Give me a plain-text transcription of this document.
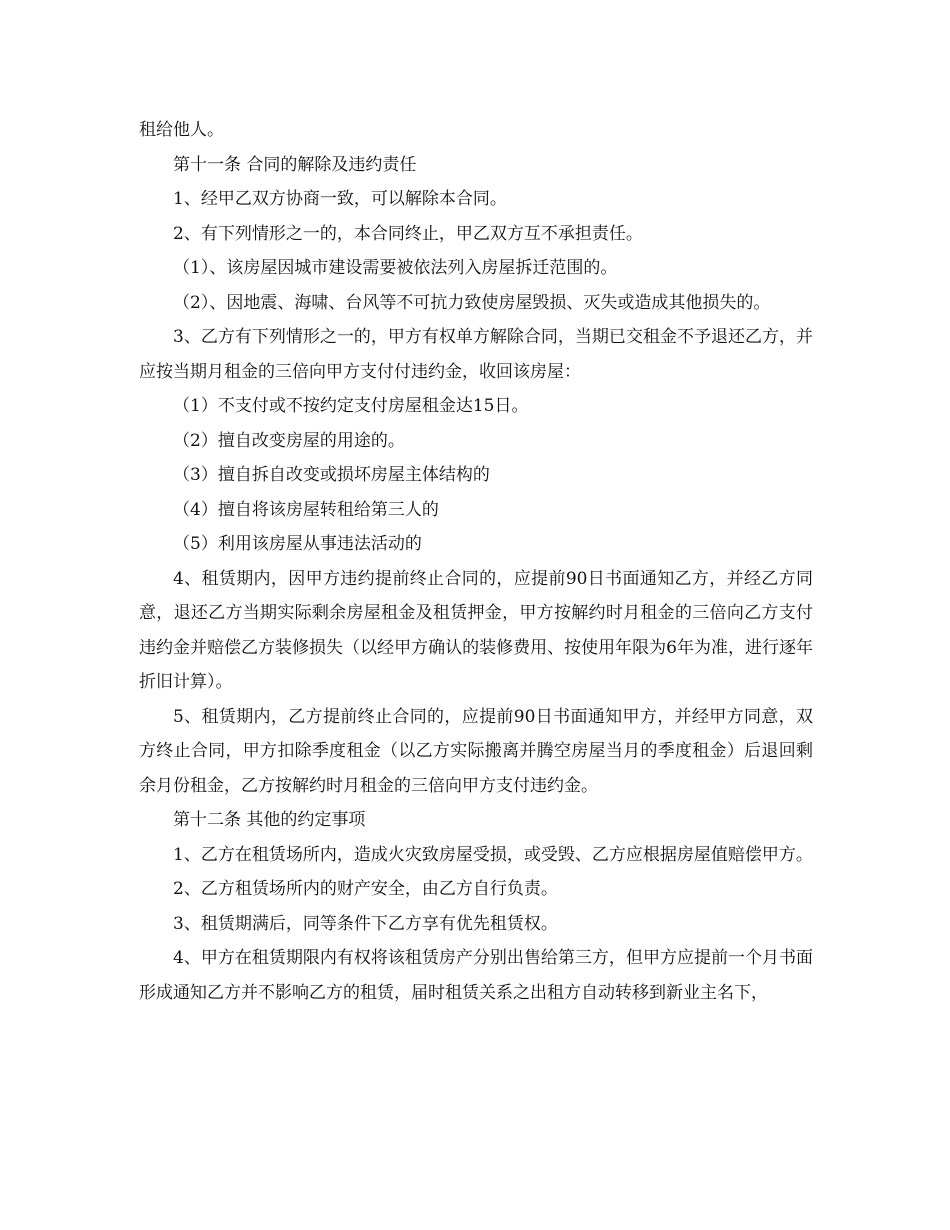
租给他人。

第十一条 合同的解除及违约责任

1、经甲乙双方协商一致，可以解除本合同。

2、有下列情形之一的，本合同终止，甲乙双方互不承担责任。

（1）、该房屋因城市建设需要被依法列入房屋拆迁范围的。

（2）、因地震、海啸、台风等不可抗力致使房屋毁损、灭失或造成其他损失的。

3、乙方有下列情形之一的，甲方有权单方解除合同，当期已交租金不予退还乙方，并应按当期月租金的三倍向甲方支付付违约金，收回该房屋：

（1）不支付或不按约定支付房屋租金达15日。

（2）擅自改变房屋的用途的。

（3）擅自拆自改变或损坏房屋主体结构的

（4）擅自将该房屋转租给第三人的

（5）利用该房屋从事违法活动的

4、租赁期内，因甲方违约提前终止合同的，应提前90日书面通知乙方，并经乙方同意，退还乙方当期实际剩余房屋租金及租赁押金，甲方按解约时月租金的三倍向乙方支付违约金并赔偿乙方装修损失（以经甲方确认的装修费用、按使用年限为6年为准，进行逐年折旧计算）。

5、租赁期内，乙方提前终止合同的，应提前90日书面通知甲方，并经甲方同意，双方终止合同，甲方扣除季度租金（以乙方实际搬离并腾空房屋当月的季度租金）后退回剩余月份租金，乙方按解约时月租金的三倍向甲方支付违约金。

第十二条 其他的约定事项

1、乙方在租赁场所内，造成火灾致房屋受损，或受毁、乙方应根据房屋值赔偿甲方。

2、乙方租赁场所内的财产安全，由乙方自行负责。

3、租赁期满后，同等条件下乙方享有优先租赁权。

4、甲方在租赁期限内有权将该租赁房产分别出售给第三方，但甲方应提前一个月书面形成通知乙方并不影响乙方的租赁，届时租赁关系之出租方自动转移到新业主名下，
